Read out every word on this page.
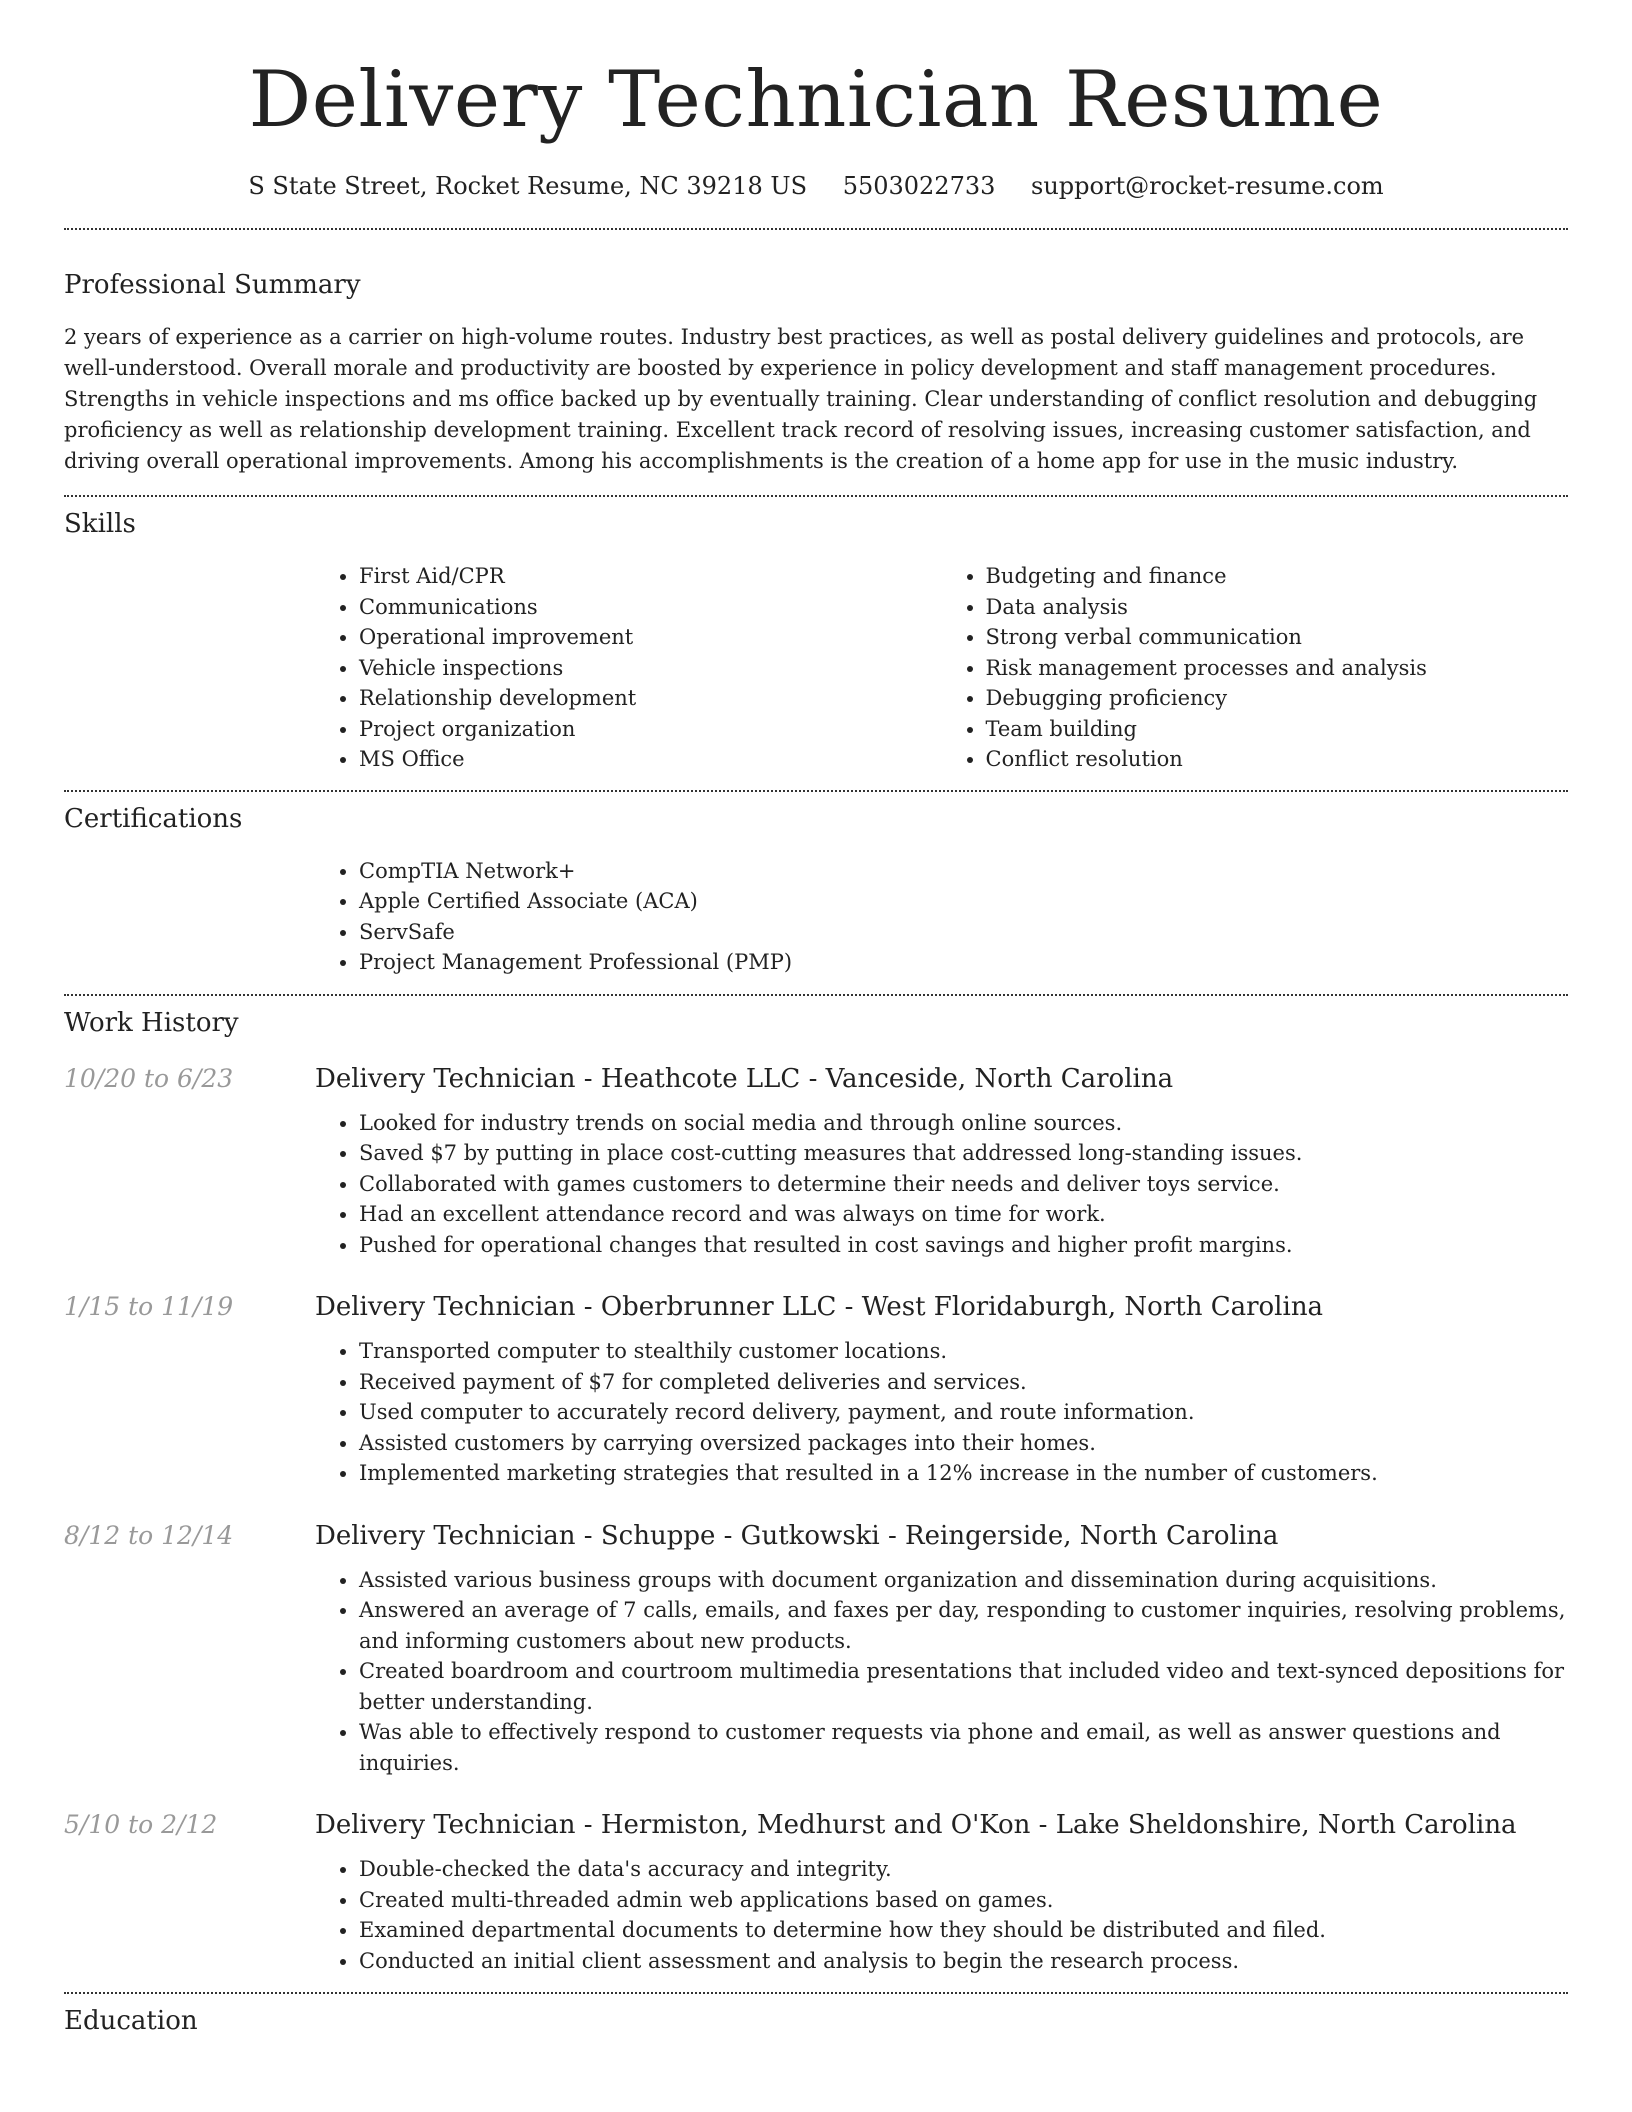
Delivery Technician Resume
S State Street, Rocket Resume, NC 39218 US 5503022733 support@rocket-resume.com
Professional Summary

2 years of experience as a carrier on high-volume routes. Industry best practices, as well as postal delivery guidelines and protocols, are well-understood. Overall morale and productivity are boosted by experience in policy development and staff management procedures. Strengths in vehicle inspections and ms office backed up by eventually training. Clear understanding of conflict resolution and debugging proficiency as well as relationship development training. Excellent track record of resolving issues, increasing customer satisfaction, and driving overall operational improvements. Among his accomplishments is the creation of a home app for use in the music industry.

Skills
• First Aid/CPR
• Communications
• Operational improvement
• Vehicle inspections
• Relationship development
• Project organization
• MS Office
• Budgeting and finance
• Data analysis
• Strong verbal communication
• Risk management processes and analysis
• Debugging proficiency
• Team building
• Conflict resolution
Certifications
• CompTIA Network+
• Apple Certified Associate (ACA)
• ServSafe
• Project Management Professional (PMP)
Work History
10/20 to 6/23	Delivery Technician - Heathcote LLC - Vanceside, North Carolina
• Looked for industry trends on social media and through online sources.
• Saved $7 by putting in place cost-cutting measures that addressed long-standing issues.
• Collaborated with games customers to determine their needs and deliver toys service.
• Had an excellent attendance record and was always on time for work.
• Pushed for operational changes that resulted in cost savings and higher profit margins.
1/15 to 11/19	Delivery Technician - Oberbrunner LLC - West Floridaburgh, North Carolina
• Transported computer to stealthily customer locations.
• Received payment of $7 for completed deliveries and services.
• Used computer to accurately record delivery, payment, and route information.
• Assisted customers by carrying oversized packages into their homes.
• Implemented marketing strategies that resulted in a 12% increase in the number of customers.
8/12 to 12/14	Delivery Technician - Schuppe - Gutkowski - Reingerside, North Carolina
• Assisted various business groups with document organization and dissemination during acquisitions.
• Answered an average of 7 calls, emails, and faxes per day, responding to customer inquiries, resolving problems, and informing customers about new products.
• Created boardroom and courtroom multimedia presentations that included video and text-synced depositions for better understanding.
• Was able to effectively respond to customer requests via phone and email, as well as answer questions and inquiries.
5/10 to 2/12	Delivery Technician - Hermiston, Medhurst and O'Kon - Lake Sheldonshire, North Carolina
• Double-checked the data's accuracy and integrity.
• Created multi-threaded admin web applications based on games.
• Examined departmental documents to determine how they should be distributed and filed.
• Conducted an initial client assessment and analysis to begin the research process.
Education
